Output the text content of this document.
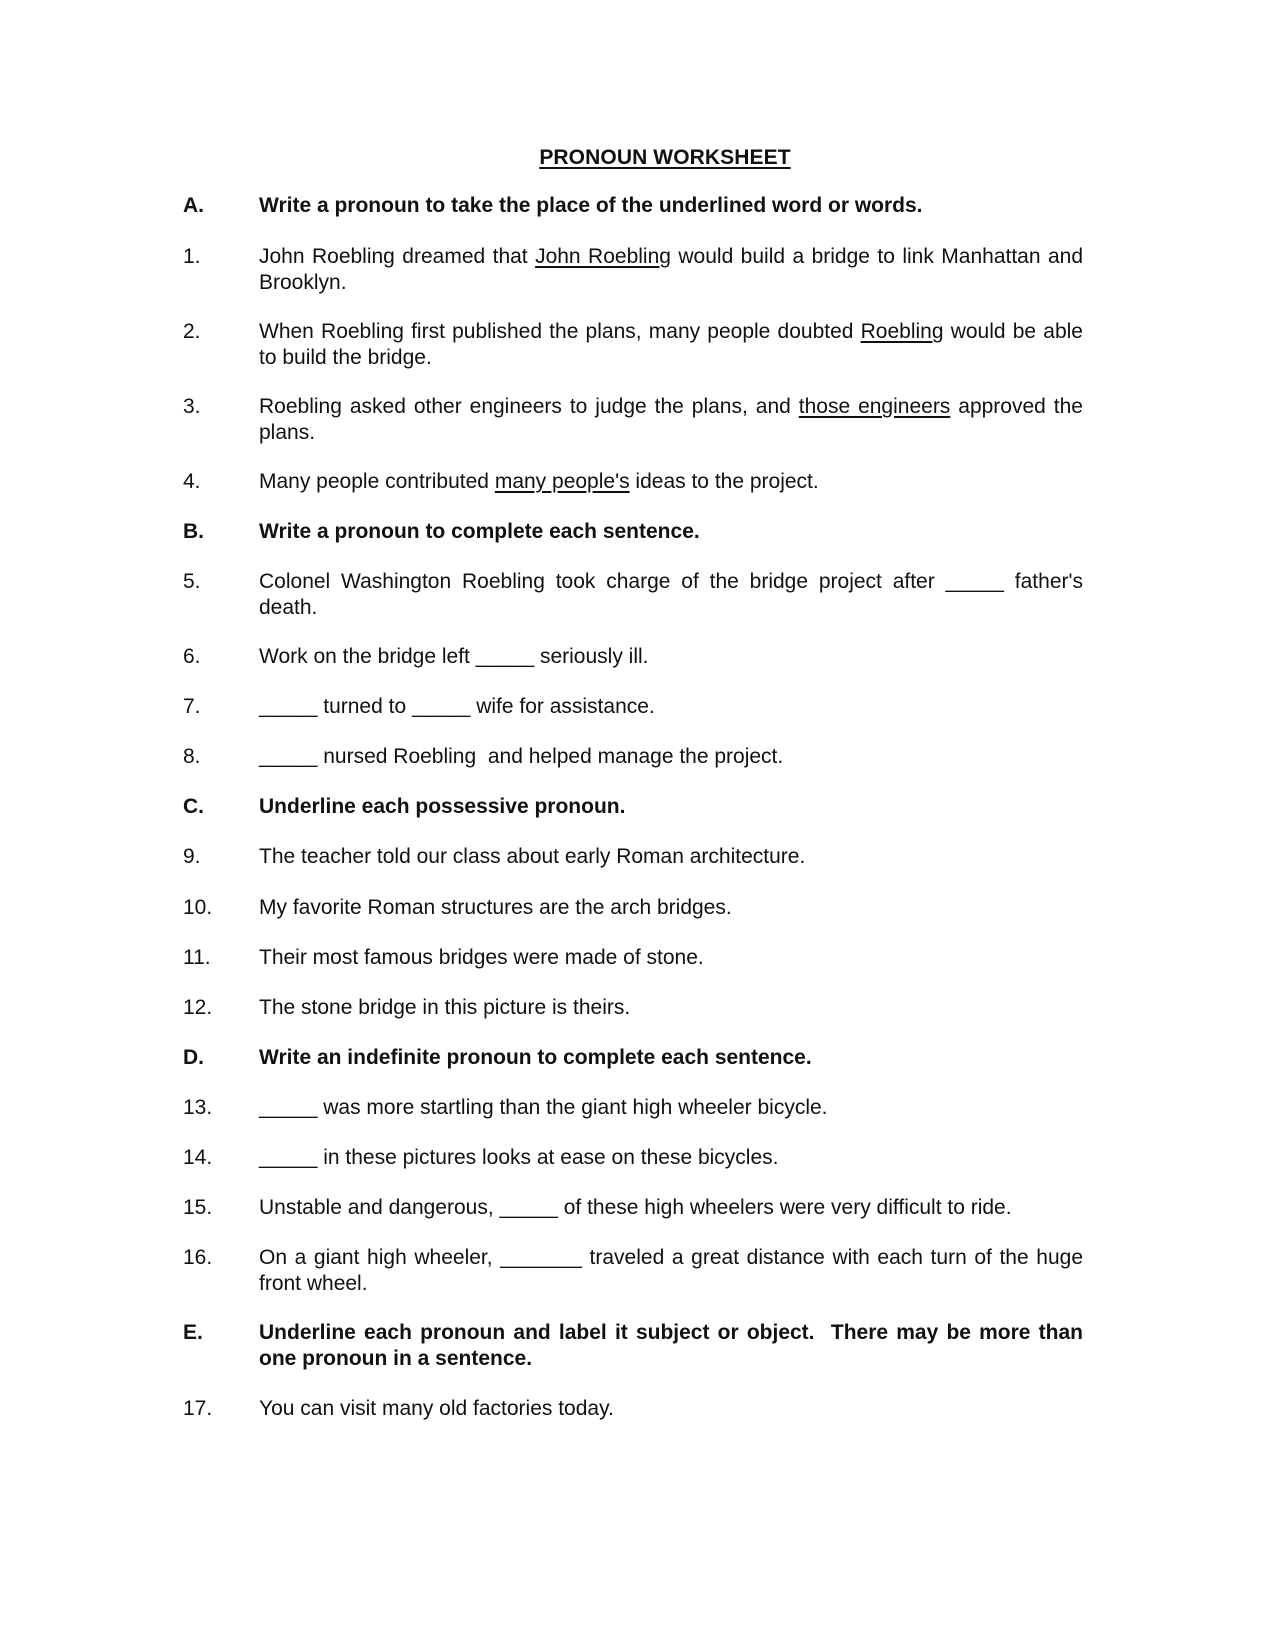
PRONOUN WORKSHEET
A.	Write a pronoun to take the place of the underlined word or words.
1.	John Roebling dreamed that John Roebling would build a bridge to link Manhattan and Brooklyn.
2.	When Roebling first published the plans, many people doubted Roebling would be able to build the bridge.
3.	Roebling asked other engineers to judge the plans, and those engineers approved the plans.
4.	Many people contributed many people's ideas to the project.
B.	Write a pronoun to complete each sentence.
5.	Colonel Washington Roebling took charge of the bridge project after _____ father's death.
6.	Work on the bridge left _____ seriously ill.
7.	_____ turned to _____ wife for assistance.
8.	_____ nursed Roebling  and helped manage the project.
C.	Underline each possessive pronoun.
9.	The teacher told our class about early Roman architecture.
10.	My favorite Roman structures are the arch bridges.
11.	Their most famous bridges were made of stone.
12.	The stone bridge in this picture is theirs.
D.	Write an indefinite pronoun to complete each sentence.
13.	_____ was more startling than the giant high wheeler bicycle.
14.	_____ in these pictures looks at ease on these bicycles.
15.	Unstable and dangerous, _____ of these high wheelers were very difficult to ride.
16.	On a giant high wheeler, _______ traveled a great distance with each turn of the huge front wheel.
E.	Underline each pronoun and label it subject or object.  There may be more than one pronoun in a sentence.
17.	You can visit many old factories today.
